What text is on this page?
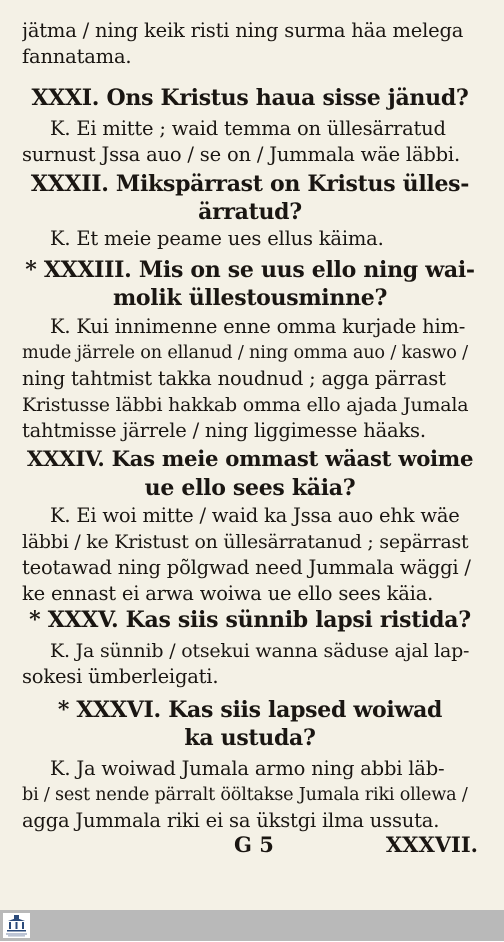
jätma / ning keik risti ning surma häa melega
fannatama.
XXXI. Ons Kristus haua sisse jänud?
K. Ei mitte ; waid temma on üllesärratud
surnust Jssa auo / se on / Jummala wäe läbbi.
XXXII. Mikspärrast on Kristus ülles-
ärratud?
K. Et meie peame ues ellus käima.
* XXXIII. Mis on se uus ello ning wai-
molik üllestousminne?
K. Kui innimenne enne omma kurjade him-
mude järrele on ellanud / ning omma auo / kaswo /
ning tahtmist takka noudnud ; agga pärrast
Kristusse läbbi hakkab omma ello ajada Jumala
tahtmisse järrele / ning liggimesse häaks.
XXXIV. Kas meie ommast wäast woime
ue ello sees käia?
K. Ei woi mitte / waid ka Jssa auo ehk wäe
läbbi / ke Kristust on üllesärratanud ; sepärrast
teotawad ning põlgwad need Jummala wäggi /
ke ennast ei arwa woiwa ue ello sees käia.
* XXXV. Kas siis sünnib lapsi ristida?
K. Ja sünnib / otsekui wanna säduse ajal lap-
sokesi ümberleigati.
* XXXVI. Kas siis lapsed woiwad
ka ustuda?
K. Ja woiwad Jumala armo ning abbi läb-
bi / sest nende pärralt ööltakse Jumala riki ollewa /
agga Jummala riki ei sa ükstgi ilma ussuta.
G 5	XXXVII.
